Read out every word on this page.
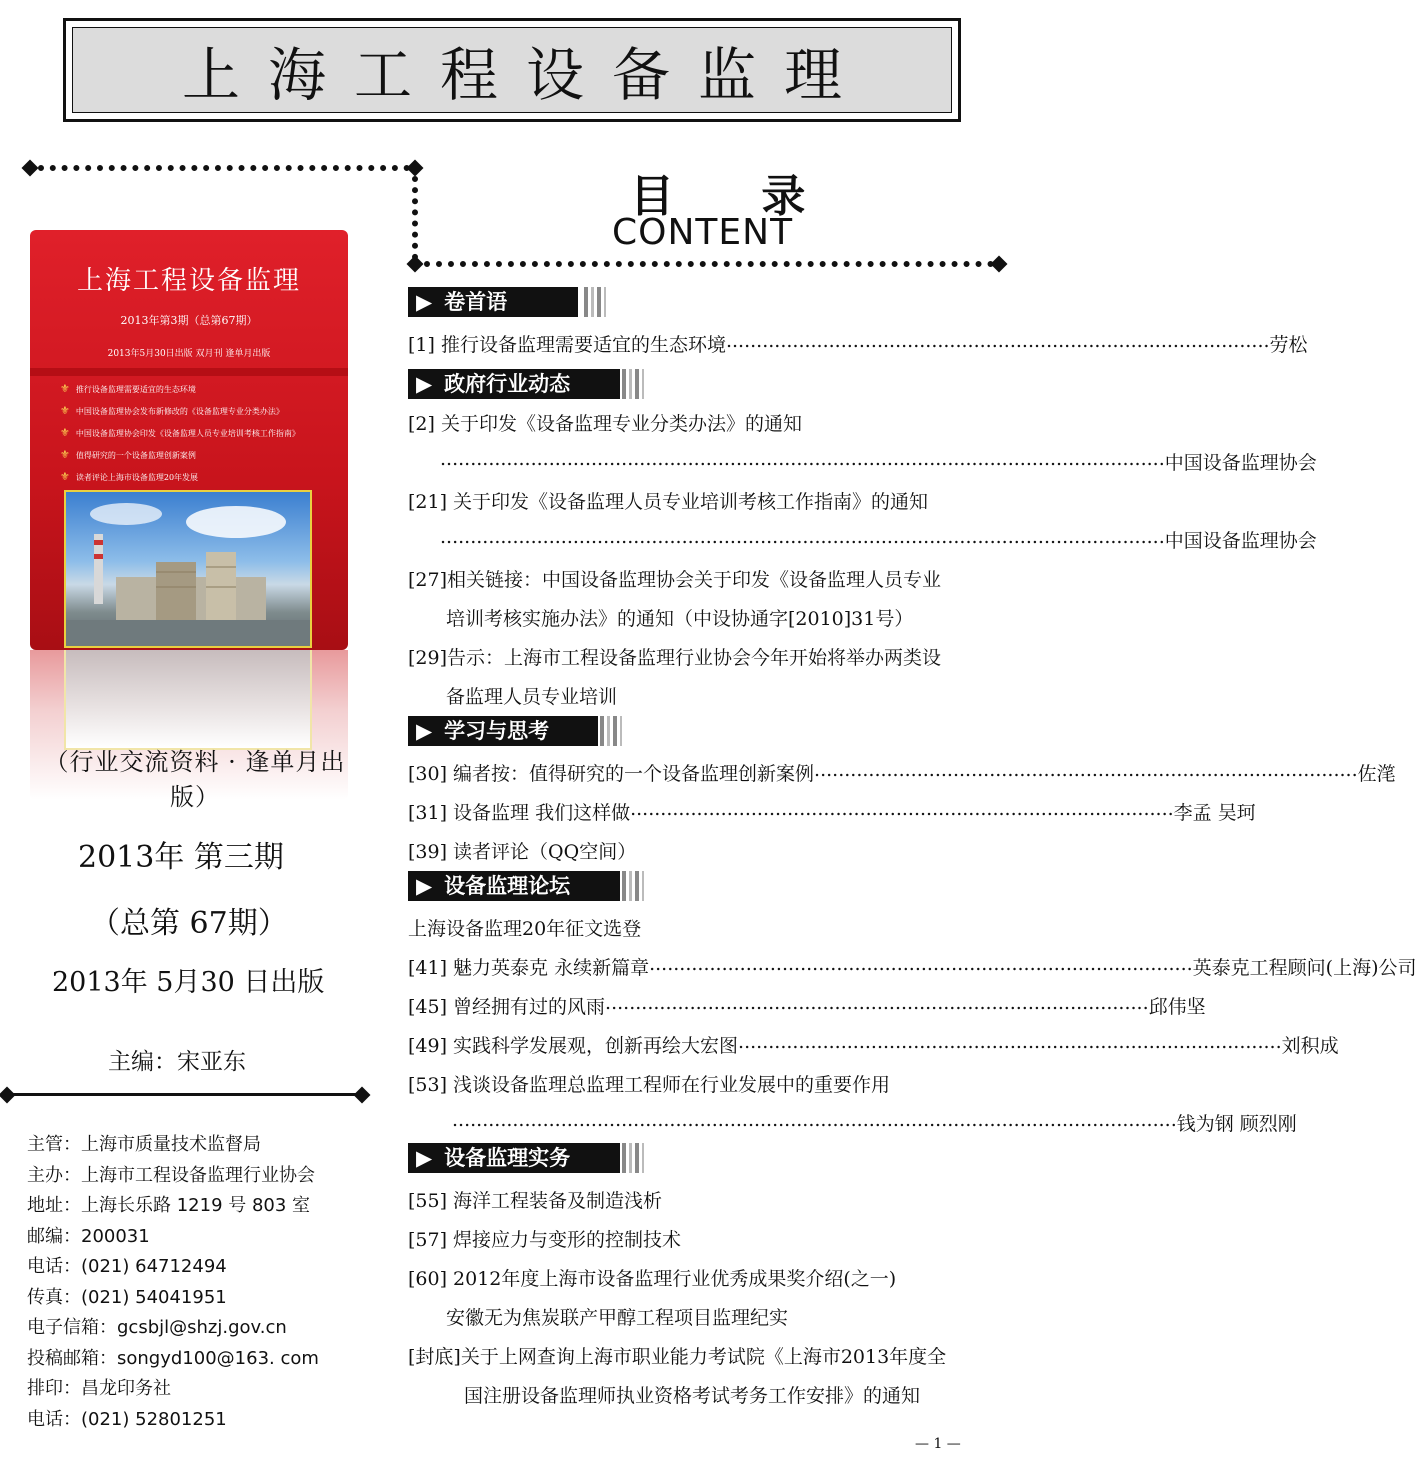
上海工程设备监理
目 录
CONTENT
上海工程设备监理
2013年第3期（总第67期）
2013年5月30日出版 双月刊 逢单月出版
⚜ 推行设备监理需要适宜的生态环境
⚜ 中国设备监理协会发布新修改的《设备监理专业分类办法》
⚜ 中国设备监理协会印发《设备监理人员专业培训考核工作指南》
⚜ 值得研究的一个设备监理创新案例
⚜ 读者评论上海市设备监理20年发展
（行业交流资料 · 逢单月出版）
2013年 第三期
（总第 67期）
2013年 5月30 日出版
主编：宋亚东
主管：上海市质量技术监督局
主办：上海市工程设备监理行业协会
地址：上海长乐路 1219 号 803 室
邮编：200031
电话：(021) 64712494
传真：(021) 54041951
电子信箱：gcsbjl@shzj.gov.cn
投稿邮箱：songyd100@163. com
排印：昌龙印务社
电话：(021) 52801251
▶ 卷首语
[1] 推行设备监理需要适宜的生态环境 .......................................................................................... 劳松
▶ 政府行业动态
[2] 关于印发《设备监理专业分类办法》的通知
........................................................................................................................ 中国设备监理协会
[21] 关于印发《设备监理人员专业培训考核工作指南》的通知
........................................................................................................................ 中国设备监理协会
[27]相关链接：中国设备监理协会关于印发《设备监理人员专业
培训考核实施办法》的通知（中设协通字[2010]31号）
[29]告示：上海市工程设备监理行业协会今年开始将举办两类设
备监理人员专业培训
▶ 学习与思考
[30] 编者按：值得研究的一个设备监理创新案例 .......................................................................................... 佐滗
[31] 设备监理 我们这样做 .......................................................................................... 李孟 吴珂
[39] 读者评论（QQ空间）
▶ 设备监理论坛
上海设备监理20年征文选登
[41] 魅力英泰克 永续新篇章 .......................................................................................... 英泰克工程顾问(上海)公司
[45] 曾经拥有过的风雨 .......................................................................................... 邱伟坚
[49] 实践科学发展观，创新再绘大宏图 .......................................................................................... 刘积成
[53] 浅谈设备监理总监理工程师在行业发展中的重要作用
........................................................................................................................ 钱为钢 顾烈刚
▶ 设备监理实务
[55] 海洋工程装备及制造浅析
[57] 焊接应力与变形的控制技术
[60] 2012年度上海市设备监理行业优秀成果奖介绍(之一)
安徽无为焦炭联产甲醇工程项目监理纪实
[封底]关于上网查询上海市职业能力考试院《上海市2013年度全
国注册设备监理师执业资格考试考务工作安排》的通知
— 1 —
